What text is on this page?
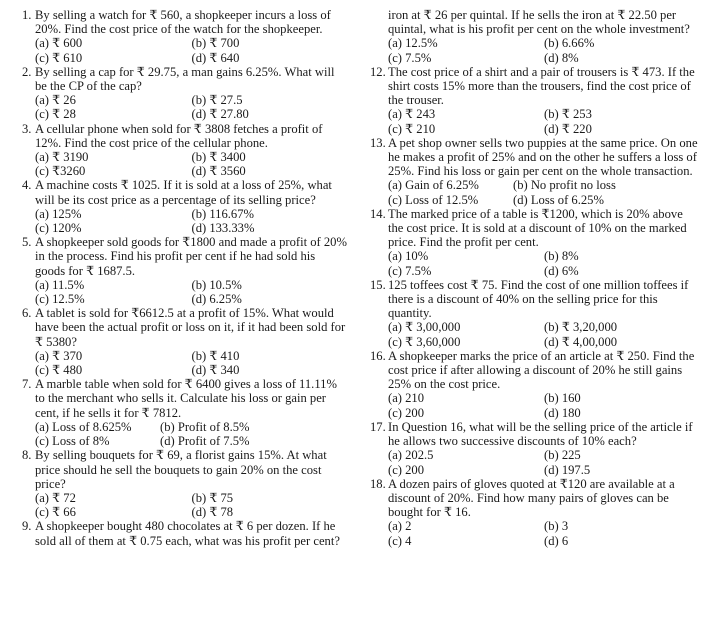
1. By selling a watch for ₹ 560, a shopkeeper incurs a loss of 20%. Find the cost price of the watch for the shopkeeper.
(a) ₹ 600	(b) ₹ 700
(c) ₹ 610	(d) ₹ 640
2. By selling a cap for ₹ 29.75, a man gains 6.25%. What will be the CP of the cap?
(a) ₹ 26	(b) ₹ 27.5
(c) ₹ 28	(d) ₹ 27.80
3. A cellular phone when sold for ₹ 3808 fetches a profit of 12%. Find the cost price of the cellular phone.
(a) ₹ 3190	(b) ₹ 3400
(c) ₹3260	(d) ₹ 3560
4. A machine costs ₹ 1025. If it is sold at a loss of 25%, what will be its cost price as a percentage of its selling price?
(a) 125%	(b) 116.67%
(c) 120%	(d) 133.33%
5. A shopkeeper sold goods for ₹1800 and made a profit of 20% in the process. Find his profit per cent if he had sold his goods for ₹ 1687.5.
(a) 11.5%	(b) 10.5%
(c) 12.5%	(d) 6.25%
6. A tablet is sold for ₹6612.5 at a profit of 15%. What would have been the actual profit or loss on it, if it had been sold for ₹ 5380?
(a) ₹ 370	(b) ₹ 410
(c) ₹ 480	(d) ₹ 340
7. A marble table when sold for ₹ 6400 gives a loss of 11.11% to the merchant who sells it. Calculate his loss or gain per cent, if he sells it for ₹ 7812.
(a) Loss of 8.625%	(b) Profit of 8.5%
(c) Loss of 8%	(d) Profit of 7.5%
8. By selling bouquets for ₹ 69, a florist gains 15%. At what price should he sell the bouquets to gain 20% on the cost price?
(a) ₹ 72	(b) ₹ 75
(c) ₹ 66	(d) ₹ 78
9. A shopkeeper bought 480 chocolates at ₹ 6 per dozen. If he sold all of them at ₹ 0.75 each, what was his profit per cent?
iron at ₹ 26 per quintal. If he sells the iron at ₹ 22.50 per quintal, what is his profit per cent on the whole investment?
(a) 12.5%	(b) 6.66%
(c) 7.5%	(d) 8%
12. The cost price of a shirt and a pair of trousers is ₹ 473. If the shirt costs 15% more than the trousers, find the cost price of the trouser.
(a) ₹ 243	(b) ₹ 253
(c) ₹ 210	(d) ₹ 220
13. A pet shop owner sells two puppies at the same price. On one he makes a profit of 25% and on the other he suffers a loss of 25%. Find his loss or gain per cent on the whole transaction.
(a) Gain of 6.25%	(b) No profit no loss
(c) Loss of 12.5%	(d) Loss of 6.25%
14. The marked price of a table is ₹1200, which is 20% above the cost price. It is sold at a discount of 10% on the marked price. Find the profit per cent.
(a) 10%	(b) 8%
(c) 7.5%	(d) 6%
15. 125 toffees cost ₹ 75. Find the cost of one million toffees if there is a discount of 40% on the selling price for this quantity.
(a) ₹ 3,00,000	(b) ₹ 3,20,000
(c) ₹ 3,60,000	(d) ₹ 4,00,000
16. A shopkeeper marks the price of an article at ₹ 250. Find the cost price if after allowing a discount of 20% he still gains 25% on the cost price.
(a) 210	(b) 160
(c) 200	(d) 180
17. In Question 16, what will be the selling price of the article if he allows two successive discounts of 10% each?
(a) 202.5	(b) 225
(c) 200	(d) 197.5
18. A dozen pairs of gloves quoted at ₹120 are available at a discount of 20%. Find how many pairs of gloves can be bought for ₹ 16.
(a) 2	(b) 3
(c) 4	(d) 6
